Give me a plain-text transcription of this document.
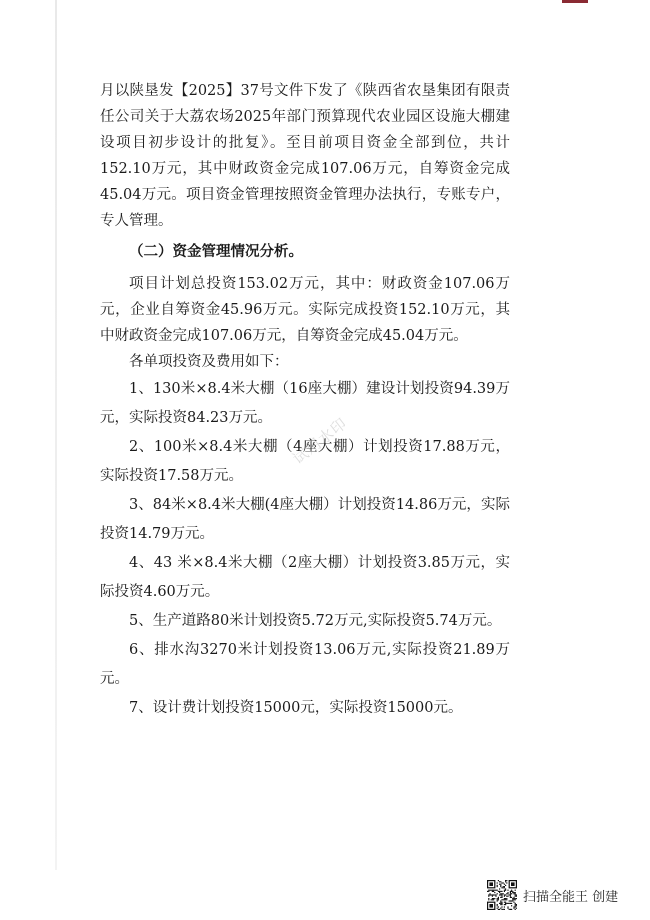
月以陕垦发【2025】37号文件下发了《陕西省农垦集团有限责任公司关于大荔农场2025年部门预算现代农业园区设施大棚建设项目初步设计的批复》。至目前项目资金全部到位，共计152.10万元，其中财政资金完成107.06万元，自筹资金完成45.04万元。项目资金管理按照资金管理办法执行，专账专户，专人管理。

（二）资金管理情况分析。

项目计划总投资153.02万元，其中：财政资金107.06万元，企业自筹资金45.96万元。实际完成投资152.10万元，其中财政资金完成107.06万元，自筹资金完成45.04万元。

各单项投资及费用如下：

1、130米×8.4米大棚（16座大棚）建设计划投资94.39万元，实际投资84.23万元。

2、100米×8.4米大棚（4座大棚）计划投资17.88万元，实际投资17.58万元。

3、84米×8.4米大棚(4座大棚）计划投资14.86万元，实际投资14.79万元。

4、43 米×8.4米大棚（2座大棚）计划投资3.85万元，实际投资4.60万元。

5、生产道路80米计划投资5.72万元,实际投资5.74万元。

6、排水沟3270米计划投资13.06万元,实际投资21.89万元。

7、设计费计划投资15000元，实际投资15000元。

试用水印
扫描全能王 创建
